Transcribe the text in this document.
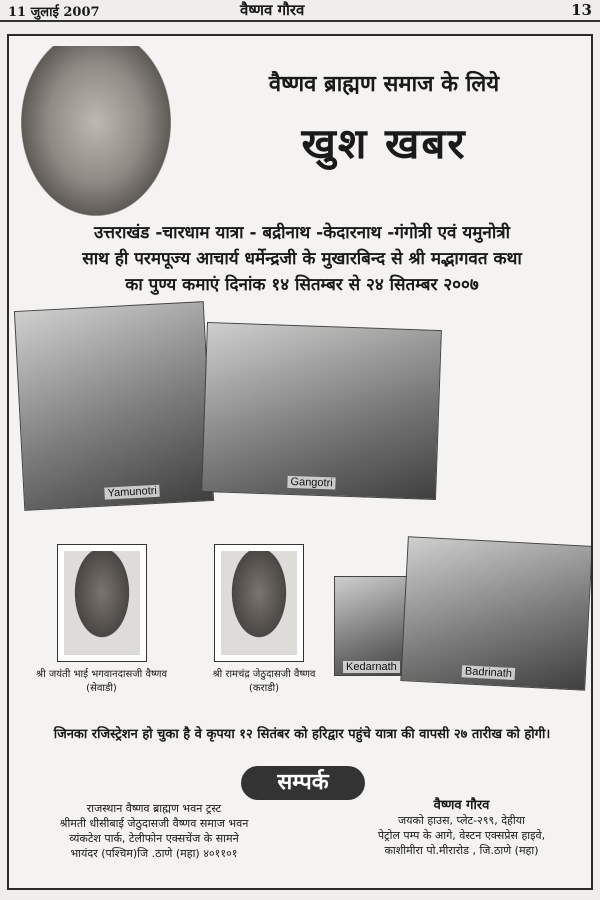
11 जुलाई 2007	वैष्णव गौरव	13
वैष्णव ब्राह्मण समाज के लिये
खुश खबर
उत्तराखंड -चारधाम यात्रा - बद्रीनाथ -केदारनाथ -गंगोत्री एवं यमुनोत्री
साथ ही परमपूज्य आचार्य धर्मेन्द्रजी के मुखारबिन्द से श्री मद्भागवत कथा
का पुण्य कमाएं दिनांक १४ सितम्बर से २४ सितम्बर २००७
Yamunotri
Gangotri
श्री जयंती भाई भगवानदासजी वैष्णव
(सेवाडी)
श्री रामचंद्र जेठुदासजी वैष्णव
(कराडी)
Kedarnath	Badrinath
जिनका रजिस्ट्रेशन हो चुका है वे कृपया १२ सितंबर को हरिद्वार पहुंचे यात्रा की वापसी २७ तारीख को होगी।
सम्पर्क
राजस्थान वैष्णव ब्राह्मण भवन ट्रस्ट
श्रीमती धीसीबाई जेठुदासजी वैष्णव समाज भवन
व्यंकटेश पार्क, टेलीफोन एक्सचेंज के सामने
भायंदर (पश्चिम)जि .ठाणे (महा) ४०११०१
वैष्णव गौरव
जयको हाउस, प्लेट-२९९, देहीया
पेट्रोल पम्प के आगे, वेस्टन एक्सप्रेस हाइवे,
काशीमीरा पो.मीरारोड , जि.ठाणे (महा)
